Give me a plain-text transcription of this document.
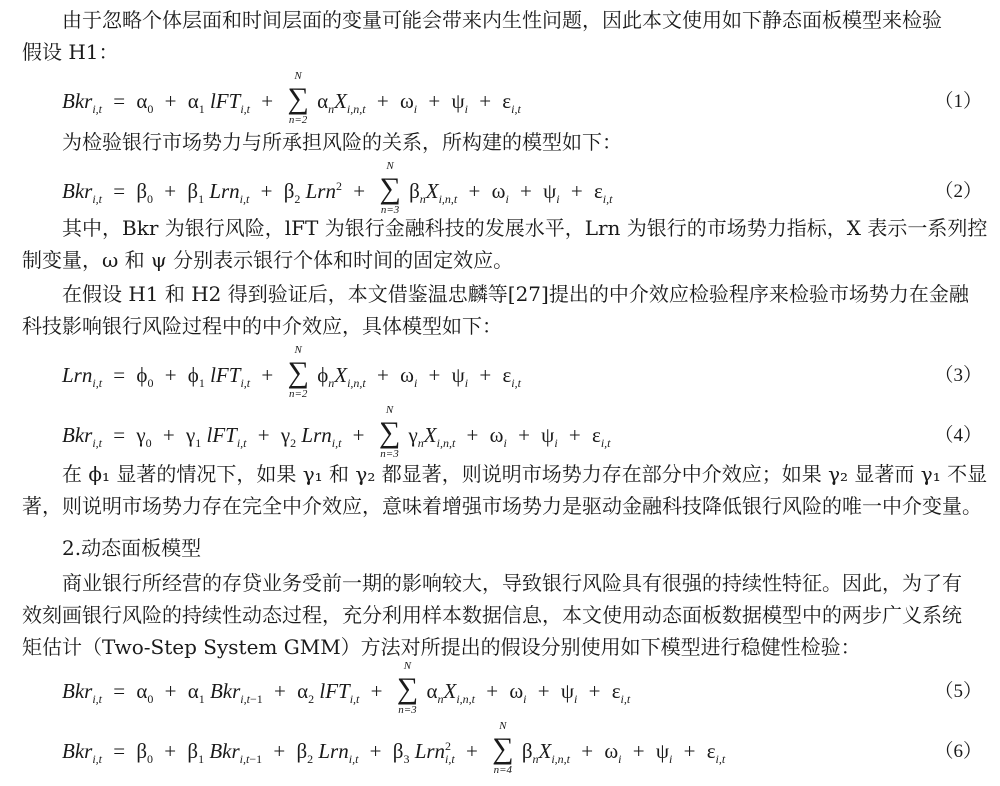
由于忽略个体层面和时间层面的变量可能会带来内生性问题，因此本文使用如下静态面板模型来检验
假设 H1：
$Bkr_{i,t} = \alpha_0 + \alpha_1$ lFT$_{i,t}$ +
N
∑
n=2
$\alpha_nX_{i,n,t} + \omega_i + \psi_i + \varepsilon_{i,t}$	（1）
为检验银行市场势力与所承担风险的关系，所构建的模型如下：
$Bkr_{i,t} = \beta_0 + \beta_1$ $Lrn_{i,t} + \beta_2$ Lrn$^2$ +
N
∑
n=3
$\beta_nX_{i,n,t} + \omega_i + \psi_i + \varepsilon_{i,t}$	（2）
其中，Bkr 为银行风险，lFT 为银行金融科技的发展水平，Lrn 为银行的市场势力指标，X 表示一系列控
制变量，ω 和 ψ 分别表示银行个体和时间的固定效应。
在假设 H1 和 H2 得到验证后，本文借鉴温忠麟等[27]提出的中介效应检验程序来检验市场势力在金融
科技影响银行风险过程中的中介效应，具体模型如下：
$Lrn_{i,t} = \phi_0 + \phi_1$ lFT$_{i,t}$ +
N
∑
n=2
$\phi_nX_{i,n,t} + \omega_i + \psi_i + \varepsilon_{i,t}$	（3）
$Bkr_{i,t} = \gamma_0 + \gamma_1$ $lFT_{i,t} + \gamma_2$ Lrn$_{i,t}$ +
N
∑
n=3
$\gamma_nX_{i,n,t} + \omega_i + \psi_i + \varepsilon_{i,t}$	（4）
在 ϕ₁ 显著的情况下，如果 γ₁ 和 γ₂ 都显著，则说明市场势力存在部分中介效应；如果 γ₂ 显著而 γ₁ 不显
著，则说明市场势力存在完全中介效应，意味着增强市场势力是驱动金融科技降低银行风险的唯一中介变量。
2.动态面板模型
商业银行所经营的存贷业务受前一期的影响较大，导致银行风险具有很强的持续性特征。因此，为了有
效刻画银行风险的持续性动态过程，充分利用样本数据信息，本文使用动态面板数据模型中的两步广义系统
矩估计（Two-Step System GMM）方法对所提出的假设分别使用如下模型进行稳健性检验：
$Bkr_{i,t} = \alpha_0 + \alpha_1$ $Bkr_{i,t-1} + \alpha_2$ lFT$_{i,t}$ +
N
∑
n=3
$\alpha_nX_{i,n,t} + \omega_i + \psi_i + \varepsilon_{i,t}$	（5）
$Bkr_{i,t} = \beta_0 + \beta_1$ $Bkr_{i,t-1} + \beta_2$ $Lrn_{i,t} + \beta_3$ Lrn$^2_{i,t}$ +
N
∑
n=4
$\beta_nX_{i,n,t} + \omega_i + \psi_i + \varepsilon_{i,t}$	（6）
